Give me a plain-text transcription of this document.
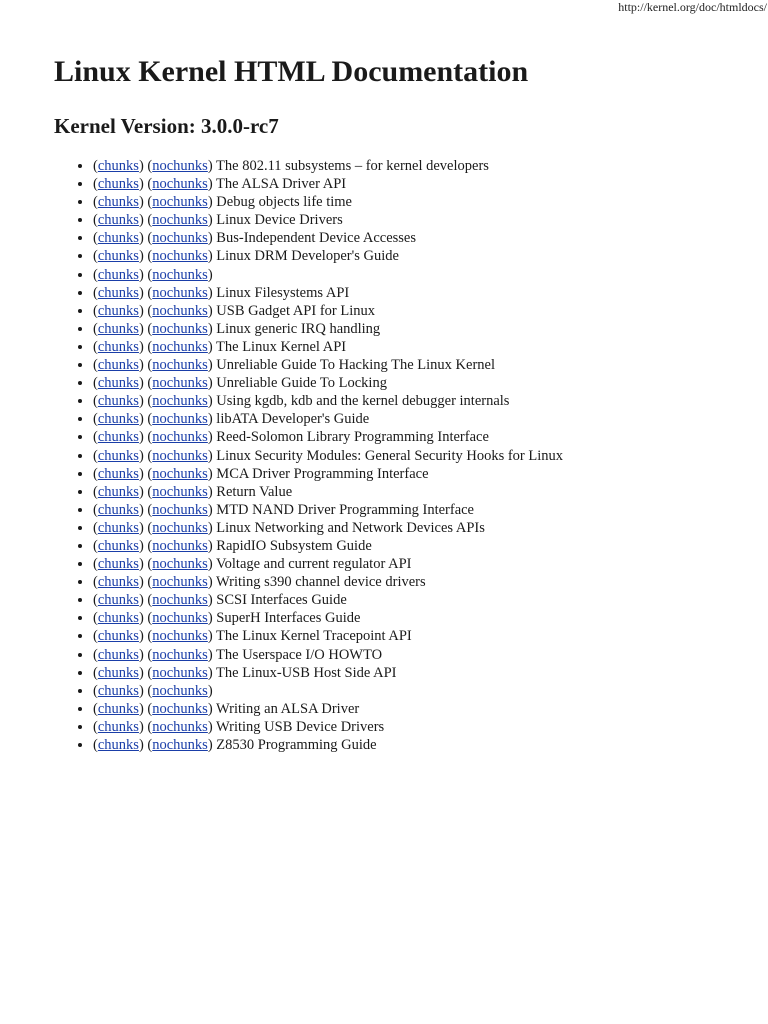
http://kernel.org/doc/htmldocs/
Linux Kernel HTML Documentation
Kernel Version: 3.0.0-rc7
• (chunks) (nochunks) The 802.11 subsystems – for kernel developers
• (chunks) (nochunks) The ALSA Driver API
• (chunks) (nochunks) Debug objects life time
• (chunks) (nochunks) Linux Device Drivers
• (chunks) (nochunks) Bus-Independent Device Accesses
• (chunks) (nochunks) Linux DRM Developer's Guide
• (chunks) (nochunks)
• (chunks) (nochunks) Linux Filesystems API
• (chunks) (nochunks) USB Gadget API for Linux
• (chunks) (nochunks) Linux generic IRQ handling
• (chunks) (nochunks) The Linux Kernel API
• (chunks) (nochunks) Unreliable Guide To Hacking The Linux Kernel
• (chunks) (nochunks) Unreliable Guide To Locking
• (chunks) (nochunks) Using kgdb, kdb and the kernel debugger internals
• (chunks) (nochunks) libATA Developer's Guide
• (chunks) (nochunks) Reed-Solomon Library Programming Interface
• (chunks) (nochunks) Linux Security Modules: General Security Hooks for Linux
• (chunks) (nochunks) MCA Driver Programming Interface
• (chunks) (nochunks) Return Value
• (chunks) (nochunks) MTD NAND Driver Programming Interface
• (chunks) (nochunks) Linux Networking and Network Devices APIs
• (chunks) (nochunks) RapidIO Subsystem Guide
• (chunks) (nochunks) Voltage and current regulator API
• (chunks) (nochunks) Writing s390 channel device drivers
• (chunks) (nochunks) SCSI Interfaces Guide
• (chunks) (nochunks) SuperH Interfaces Guide
• (chunks) (nochunks) The Linux Kernel Tracepoint API
• (chunks) (nochunks) The Userspace I/O HOWTO
• (chunks) (nochunks) The Linux-USB Host Side API
• (chunks) (nochunks)
• (chunks) (nochunks) Writing an ALSA Driver
• (chunks) (nochunks) Writing USB Device Drivers
• (chunks) (nochunks) Z8530 Programming Guide
